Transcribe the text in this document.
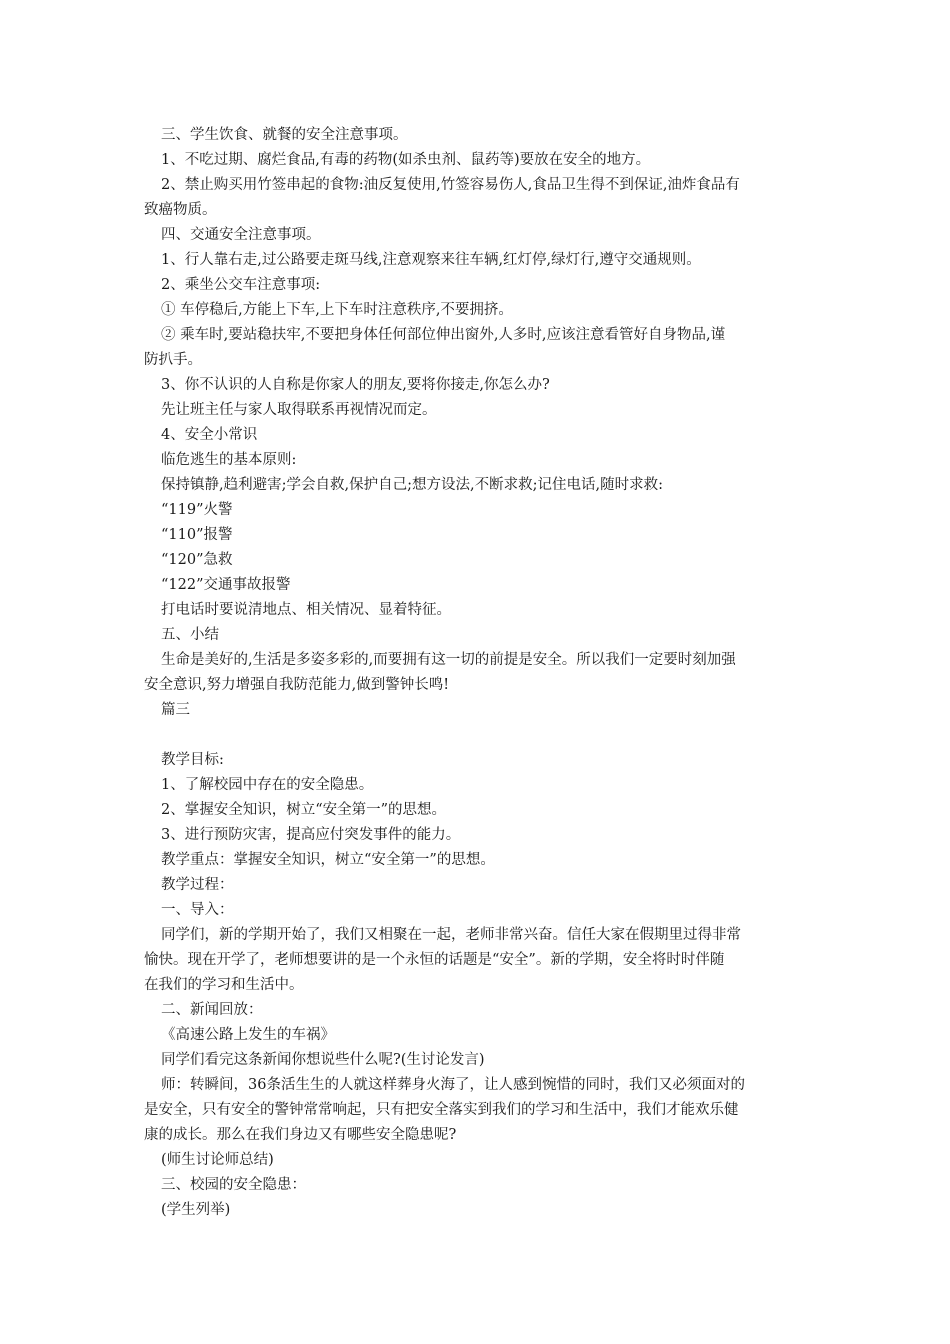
三、学生饮食、就餐的安全注意事项。
1、不吃过期、腐烂食品,有毒的药物(如杀虫剂、鼠药等)要放在安全的地方。
2、禁止购买用竹签串起的食物:油反复使用,竹签容易伤人,食品卫生得不到保证,油炸食品有
致癌物质。
四、交通安全注意事项。
1、行人靠右走,过公路要走斑马线,注意观察来往车辆,红灯停,绿灯行,遵守交通规则。
2、乘坐公交车注意事项:
① 车停稳后,方能上下车,上下车时注意秩序,不要拥挤。
② 乘车时,要站稳扶牢,不要把身体任何部位伸出窗外,人多时,应该注意看管好自身物品,谨
防扒手。
3、你不认识的人自称是你家人的朋友,要将你接走,你怎么办?
先让班主任与家人取得联系再视情况而定。
4、安全小常识
临危逃生的基本原则:
保持镇静,趋利避害;学会自救,保护自己;想方设法,不断求救;记住电话,随时求救:
“119”火警
“110”报警
“120”急救
“122”交通事故报警
打电话时要说清地点、相关情况、显着特征。
五、小结
生命是美好的,生活是多姿多彩的,而要拥有这一切的前提是安全。所以我们一定要时刻加强
安全意识,努力增强自我防范能力,做到警钟长鸣!
篇三
教学目标:
1、了解校园中存在的安全隐患。
2、掌握安全知识，树立“安全第一”的思想。
3、进行预防灾害，提高应付突发事件的能力。
教学重点：掌握安全知识，树立“安全第一”的思想。
教学过程：
一、导入：
同学们，新的学期开始了，我们又相聚在一起，老师非常兴奋。信任大家在假期里过得非常
愉快。现在开学了，老师想要讲的是一个永恒的话题是“安全”。新的学期，安全将时时伴随
在我们的学习和生活中。
二、新闻回放：
《高速公路上发生的车祸》
同学们看完这条新闻你想说些什么呢?(生讨论发言)
师：转瞬间，36条活生生的人就这样葬身火海了，让人感到惋惜的同时，我们又必须面对的
是安全，只有安全的警钟常常响起，只有把安全落实到我们的学习和生活中，我们才能欢乐健
康的成长。那么在我们身边又有哪些安全隐患呢?
(师生讨论师总结)
三、校园的安全隐患：
(学生列举)
